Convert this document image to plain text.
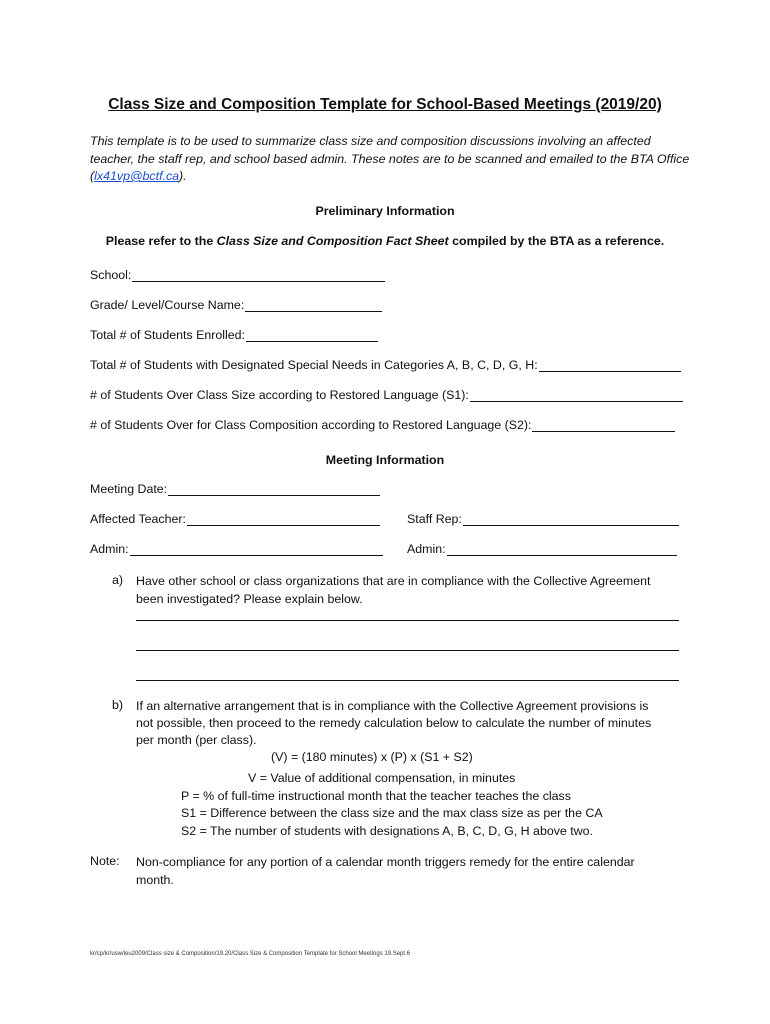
Class Size and Composition Template for School-Based Meetings (2019/20)
This template is to be used to summarize class size and composition discussions involving an affected teacher, the staff rep, and school based admin. These notes are to be scanned and emailed to the BTA Office (lx41vp@bctf.ca).
Preliminary Information
Please refer to the Class Size and Composition Fact Sheet compiled by the BTA as a reference.
School:
Grade/ Level/Course Name:
Total # of Students Enrolled:
Total # of Students with Designated Special Needs in Categories A, B, C, D, G, H:
# of Students Over Class Size according to Restored Language (S1):
# of Students Over for Class Composition according to Restored Language (S2):
Meeting Information
Meeting Date:
Affected Teacher:	Staff Rep:
Admin:	Admin:
a) Have other school or class organizations that are in compliance with the Collective Agreement
been investigated? Please explain below.
b) If an alternative arrangement that is in compliance with the Collective Agreement provisions is
not possible, then proceed to the remedy calculation below to calculate the number of minutes
per month (per class).
(V) = (180 minutes) x (P) x (S1 + S2)
V = Value of additional compensation, in minutes
P = % of full-time instructional month that the teacher teaches the class
S1 = Difference between the class size and the max class size as per the CA
S2 = The number of students with designations A, B, C, D, G, H above two.
Note: Non-compliance for any portion of a calendar month triggers remedy for the entire calendar
month.
kr/cp/kr/usw/leu2009/Class size & Composition/19.20/Class Size & Composition Template for School Meetings 19.Sept.6
